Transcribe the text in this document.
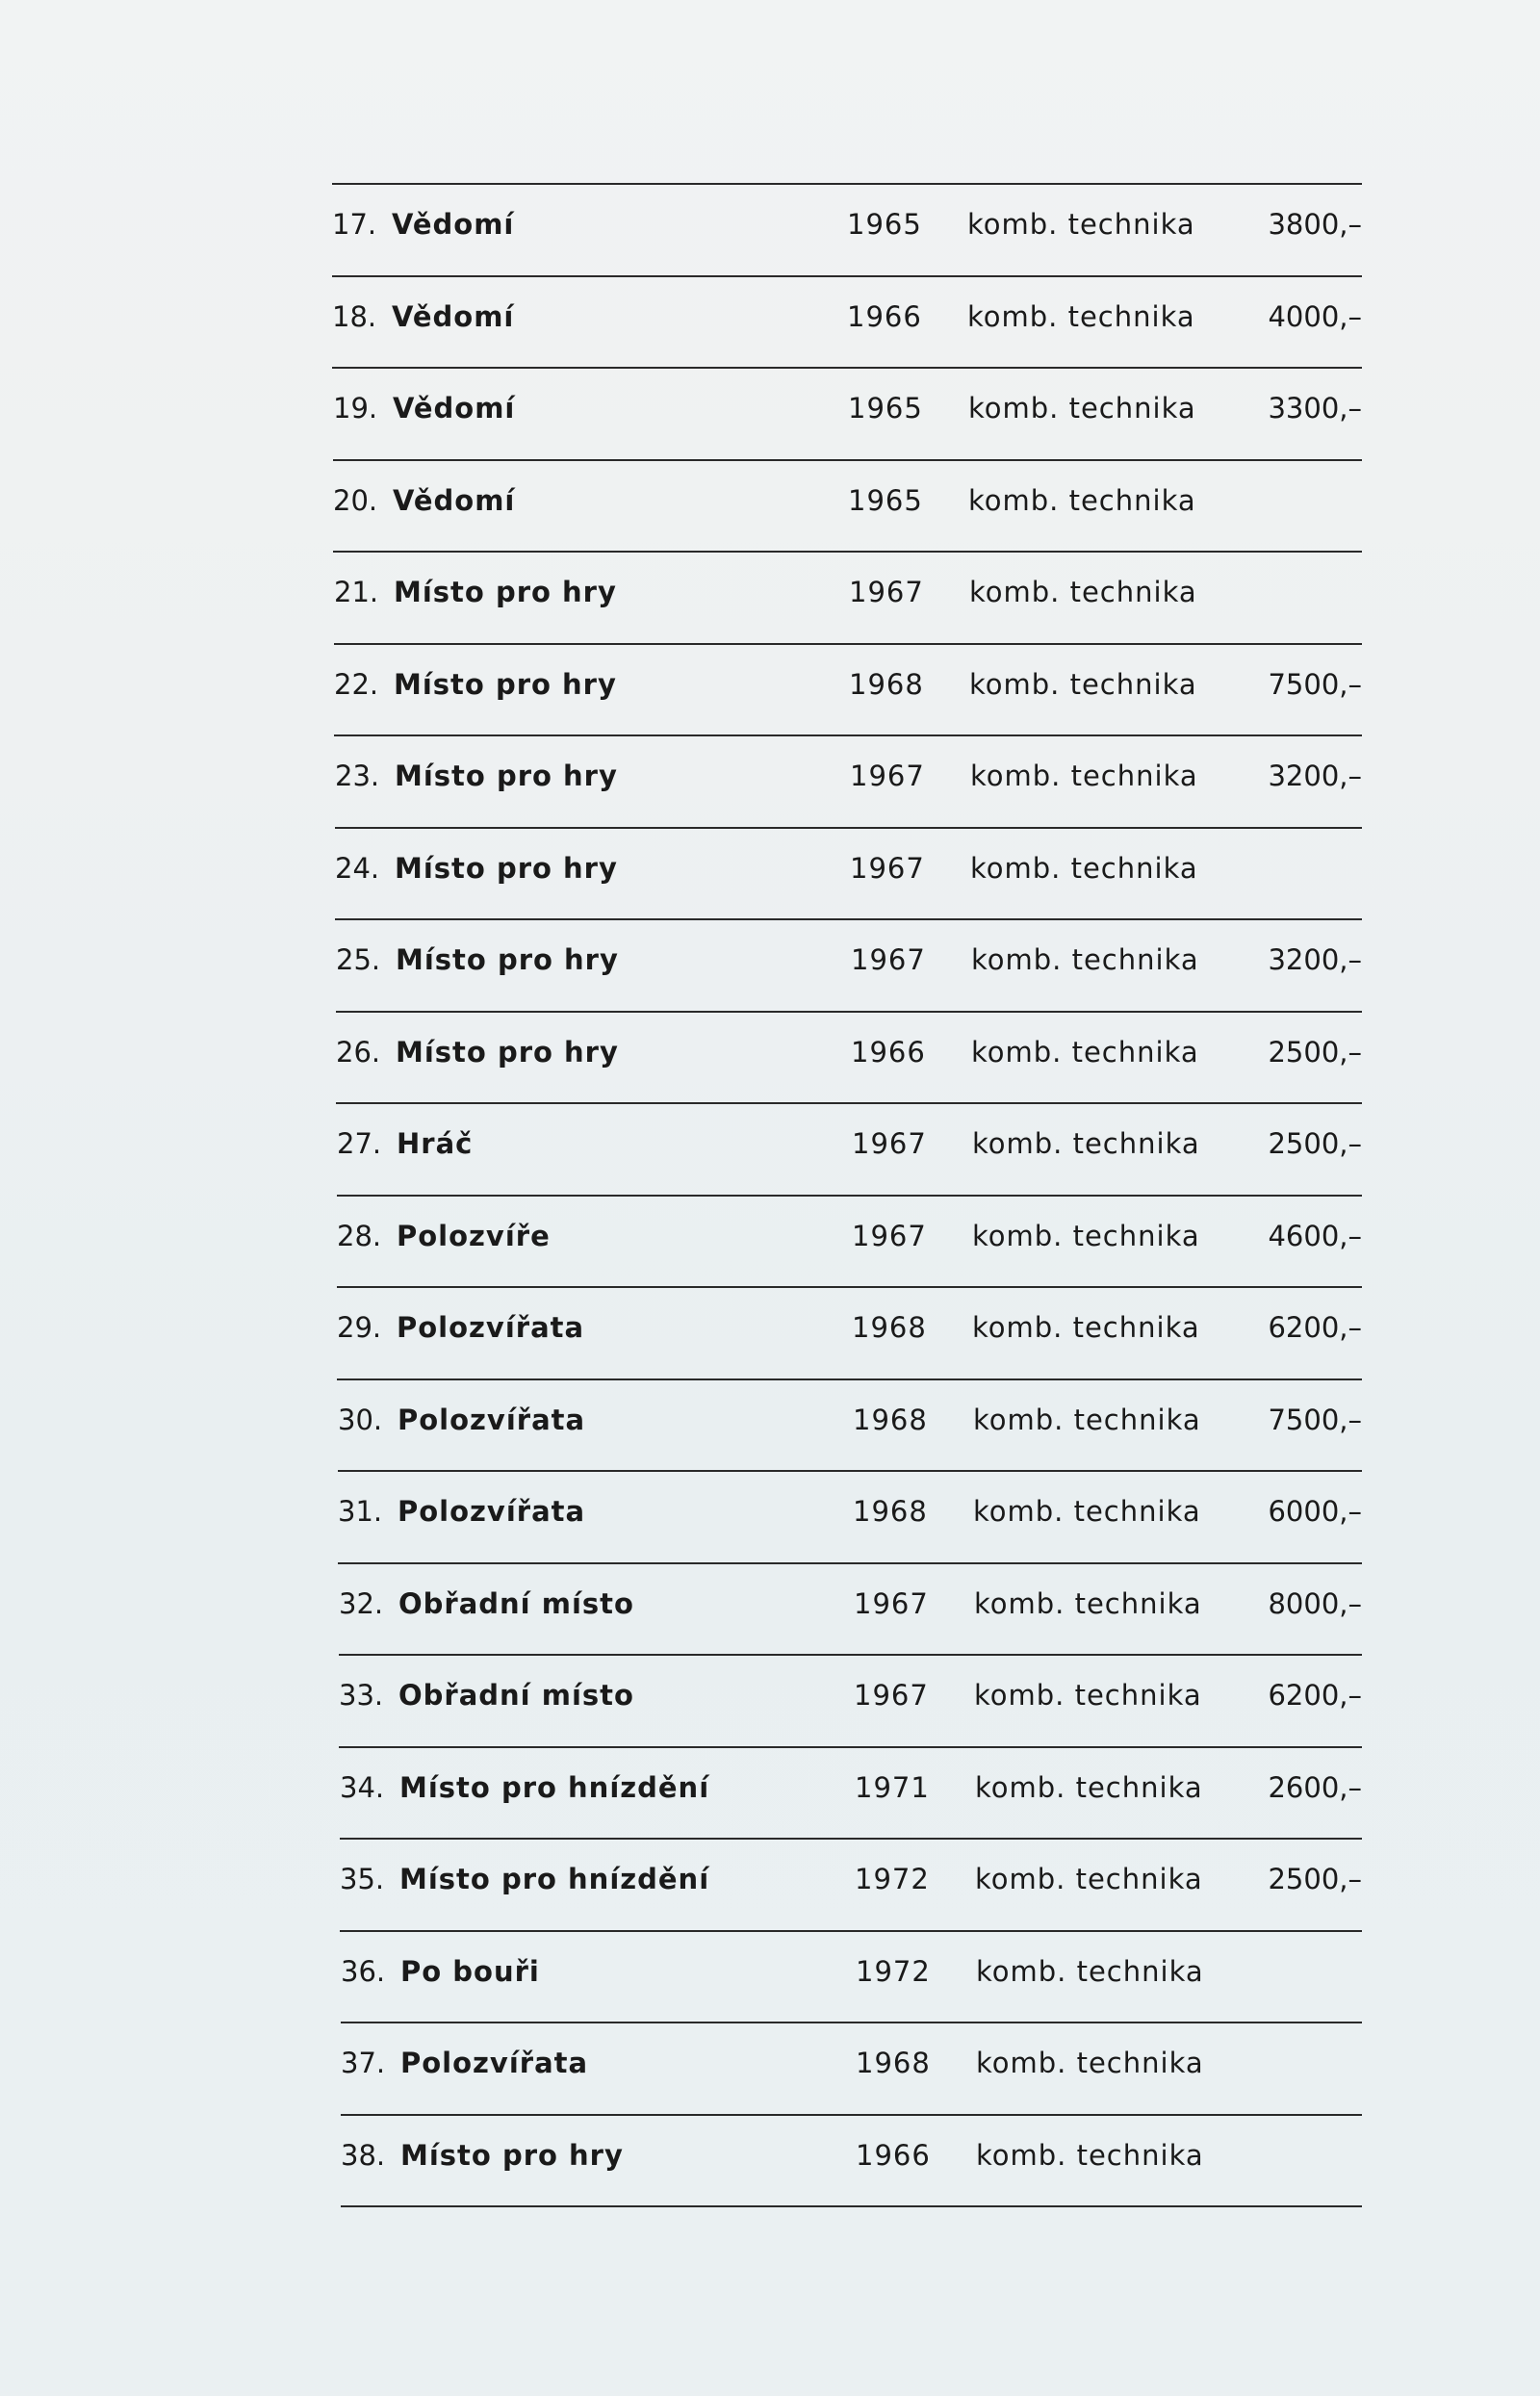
17. Vědomí	1965 komb. technika	3800,–
18. Vědomí	1966 komb. technika	4000,–
19. Vědomí	1965 komb. technika	3300,–
20. Vědomí	1965 komb. technika
21. Místo pro hry	1967 komb. technika
22. Místo pro hry	1968 komb. technika	7500,–
23. Místo pro hry	1967 komb. technika	3200,–
24. Místo pro hry	1967 komb. technika
25. Místo pro hry	1967 komb. technika 3200,–
26. Místo pro hry	1966 komb. technika 2500,–
27. Hráč	1967 komb. technika 2500,–
28. Polozvíře	1967 komb. technika 4600,–
29. Polozvířata	1968 komb. technika 6200,–
30. Polozvířata	1968 komb. technika 7500,–
31. Polozvířata	1968 komb. technika 6000,–
32. Obřadní místo	1967 komb. technika 8000,–
33. Obřadní místo	1967 komb. technika 6200,–
34. Místo pro hnízdění	1971 komb. technika 2600,–
35. Místo pro hnízdění	1972 komb. technika 2500,–
36. Po bouři	1972 komb. technika
37. Polozvířata	1968 komb. technika
38. Místo pro hry	1966 komb. technika
